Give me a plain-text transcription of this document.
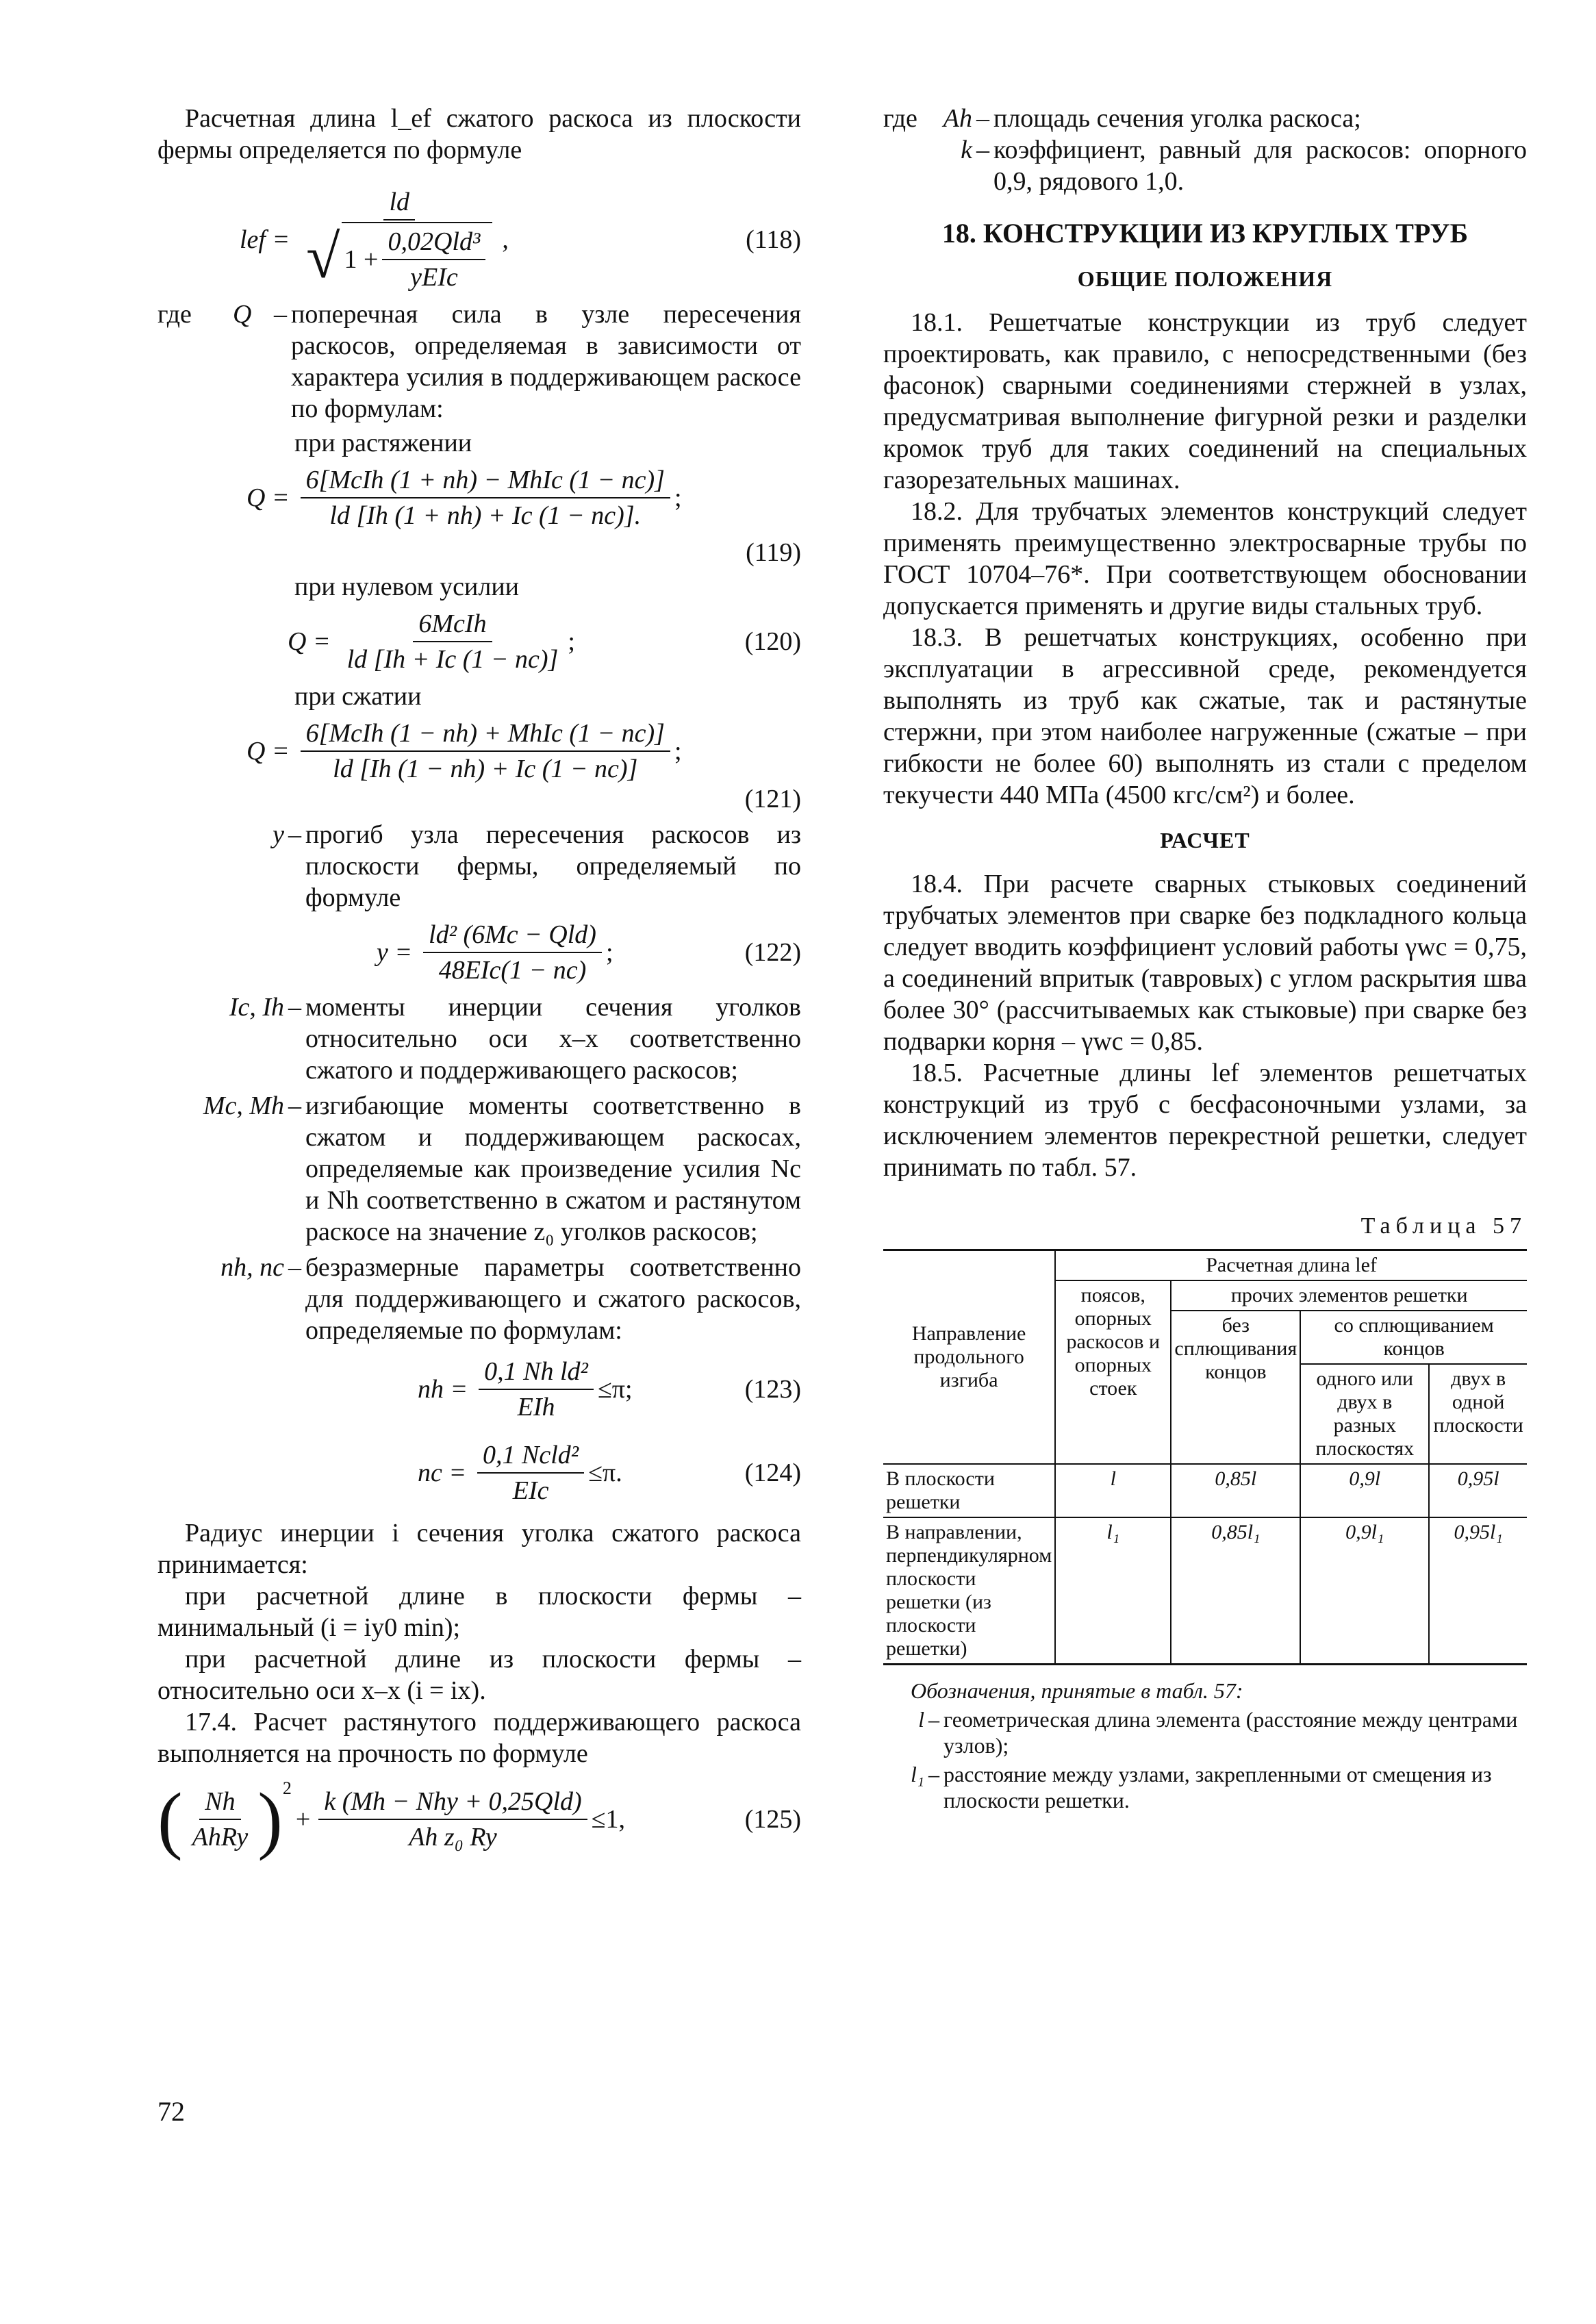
Расчетная длина l_ef сжатого раскоса из плоскости фермы определяется по формуле

lef =
ld
√ $1 + \frac{\text{0,02Qld³}}{\text{yEIc}}$ ,	(118)
где	Q – поперечная сила в узле пересечения раскосов, определяемая в зависимости от характера усилия в поддерживающем раскосе по формулам:
при растяжении
$Q = \frac{\text{6[McIh (1 + nh) − MhIc (1 − nc)]}}{ld [Ih (1 + nh) + Ic (1 - nc)].}$ ;
(119)
при нулевом усилии
$Q = \frac{\text{6McIh}}{ld [Ih + Ic (1 - nc)]}$ ;	(120)
при сжатии
$Q = \frac{\text{6[McIh (1 − nh) + MhIc (1 − nc)]}}{ld [Ih (1 - nh) + Ic (1 - nc)]}$ ;
(121)
y – прогиб узла пересечения раскосов из плоскости фермы, определяемый по формуле
$y = \frac{\text{ld² (6Mc − Qld)}}{\text{48EIc(1 − nc)}}$ ;	(122)
Ic, Ih – моменты инерции сечения уголков относительно оси x–x соответственно сжатого и поддерживающего раскосов;
Mc, Mh – изгибающие моменты соответственно в сжатом и поддерживающем раскосах, определяемые как произведение усилия Nc и Nh соответственно в сжатом и растянутом раскосе на значение z₀ уголков раскосов;
nh, nc – безразмерные параметры соответственно для поддерживающего и сжатого раскосов, определяемые по формулам:
nh = $\frac{\text{0,1 Nh ld²}}{\text{EIh}} \le\pi$;	(123)
nc = $\frac{\text{0,1 Ncld²}}{\text{EIc}} \le\pi$.	(124)

Радиус инерции i сечения уголка сжатого раскоса принимается:

при расчетной длине в плоскости фермы – минимальный (i = iy0 min);

при расчетной длине из плоскости фермы – относительно оси x–x (i = ix).

17.4. Расчет растянутого поддерживающего раскоса выполняется на прочность по формуле

( $\frac{Nh}{\text{AhRy}}$ ) 2
+ $\frac{\text{k (Mh − Nhy + 0,25Qld)}}{\text{Ah z₀ Ry}} \le 1$,	(125)
где Ah – площадь сечения уголка раскоса;
k – коэффициент, равный для раскосов: опорного 0,9, рядового 1,0.
18. КОНСТРУКЦИИ ИЗ КРУГЛЫХ ТРУБ
ОБЩИЕ ПОЛОЖЕНИЯ

18.1. Решетчатые конструкции из труб следует проектировать, как правило, с непосредственными (без фасонок) сварными соединениями стержней в узлах, предусматривая выполнение фигурной резки и разделки кромок труб для таких соединений на специальных газорезательных машинах.

18.2. Для трубчатых элементов конструкций следует применять преимущественно электросварные трубы по ГОСТ 10704–76*. При соответствующем обосновании допускается применять и другие виды стальных труб.

18.3. В решетчатых конструкциях, особенно при эксплуатации в агрессивной среде, рекомендуется выполнять из труб как сжатые, так и растянутые стержни, при этом наиболее нагруженные (сжатые – при гибкости не более 60) выполнять из стали с пределом текучести 440 МПа (4500 кгс/см²) и более.

РАСЧЕТ

18.4. При расчете сварных стыковых соединений трубчатых элементов при сварке без подкладного кольца следует вводить коэффициент условий работы γwc = 0,75, а соединений впритык (тавровых) с углом раскрытия шва более 30° (рассчитываемых как стыковые) при сварке без подварки корня – γwc = 0,85.

18.5. Расчетные длины lef элементов решетчатых конструкций из труб с бесфасоночными узлами, за исключением элементов перекрестной решетки, следует принимать по табл. 57.

Таблица 57
Направление продольного изгиба	Расчетная длина lef			
	поясов, опорных раскосов и опорных стоек	прочих элементов решетки		
		без сплющивания концов	со сплющиванием концов	
			одного или двух в разных плоскостях	двух в одной плоскости
В плоскости решетки	l	0,85l	0,9l	0,95l
В направлении, перпендикулярном плоскости решетки (из плоскости решетки)	l₁	0,85l₁	0,9l₁	0,95l₁
Обозначения, принятые в табл. 57:
l – геометрическая длина элемента (расстояние между центрами узлов);
l₁ – расстояние между узлами, закрепленными от смещения из плоскости решетки.
72
